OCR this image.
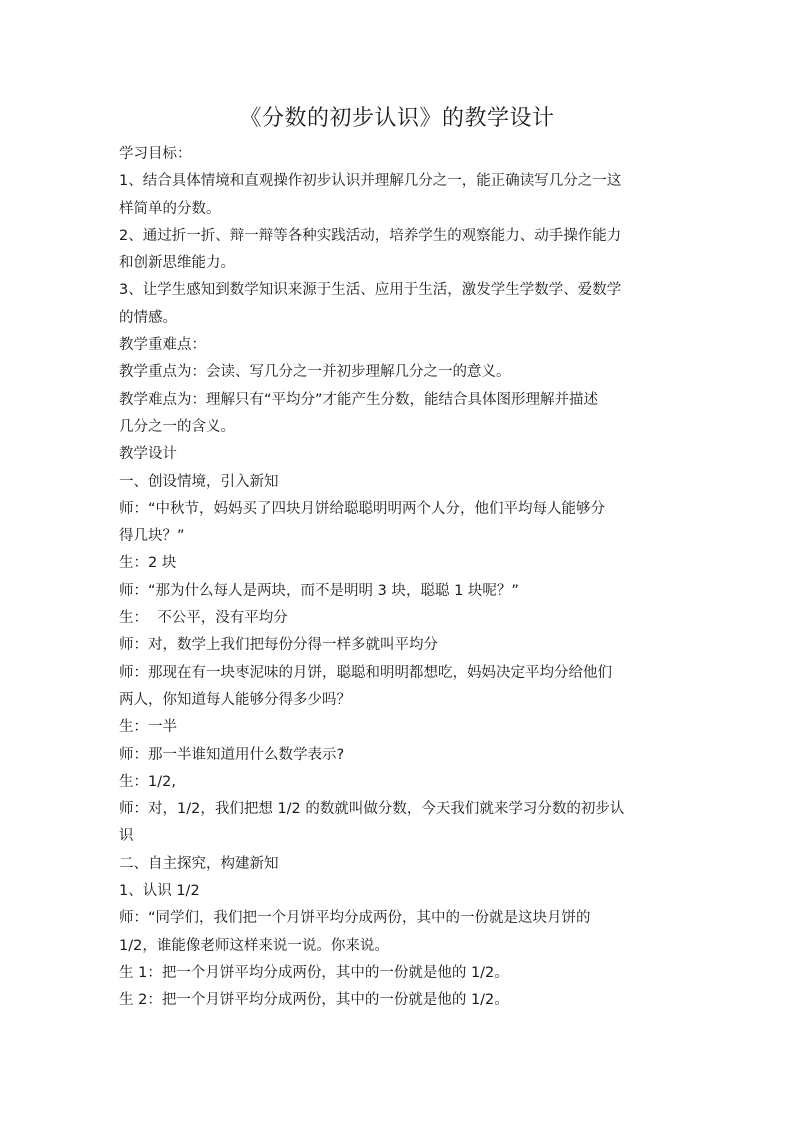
《分数的初步认识》的教学设计
学习目标：
1、结合具体情境和直观操作初步认识并理解几分之一，能正确读写几分之一这
样简单的分数。
2、通过折一折、辩一辩等各种实践活动，培养学生的观察能力、动手操作能力
和创新思维能力。
3、让学生感知到数学知识来源于生活、应用于生活，激发学生学数学、爱数学
的情感。
教学重难点：
教学重点为：会读、写几分之一并初步理解几分之一的意义。
教学难点为：理解只有“平均分”才能产生分数，能结合具体图形理解并描述
几分之一的含义。
教学设计
一、创设情境，引入新知
师：“中秋节，妈妈买了四块月饼给聪聪明明两个人分，他们平均每人能够分
得几块？”
生：2 块
师：“那为什么每人是两块，而不是明明 3 块，聪聪 1 块呢？”
生：  不公平，没有平均分
师：对，数学上我们把每份分得一样多就叫平均分
师：那现在有一块枣泥味的月饼，聪聪和明明都想吃，妈妈决定平均分给他们
两人，你知道每人能够分得多少吗？
生：一半
师：那一半谁知道用什么数学表示?
生：1/2,
师：对，1/2，我们把想 1/2 的数就叫做分数，今天我们就来学习分数的初步认
识
二、自主探究，构建新知
1、认识 1/2
师：“同学们，我们把一个月饼平均分成两份，其中的一份就是这块月饼的
1/2，谁能像老师这样来说一说。你来说。
生 1：把一个月饼平均分成两份，其中的一份就是他的 1/2。
生 2：把一个月饼平均分成两份，其中的一份就是他的 1/2。
